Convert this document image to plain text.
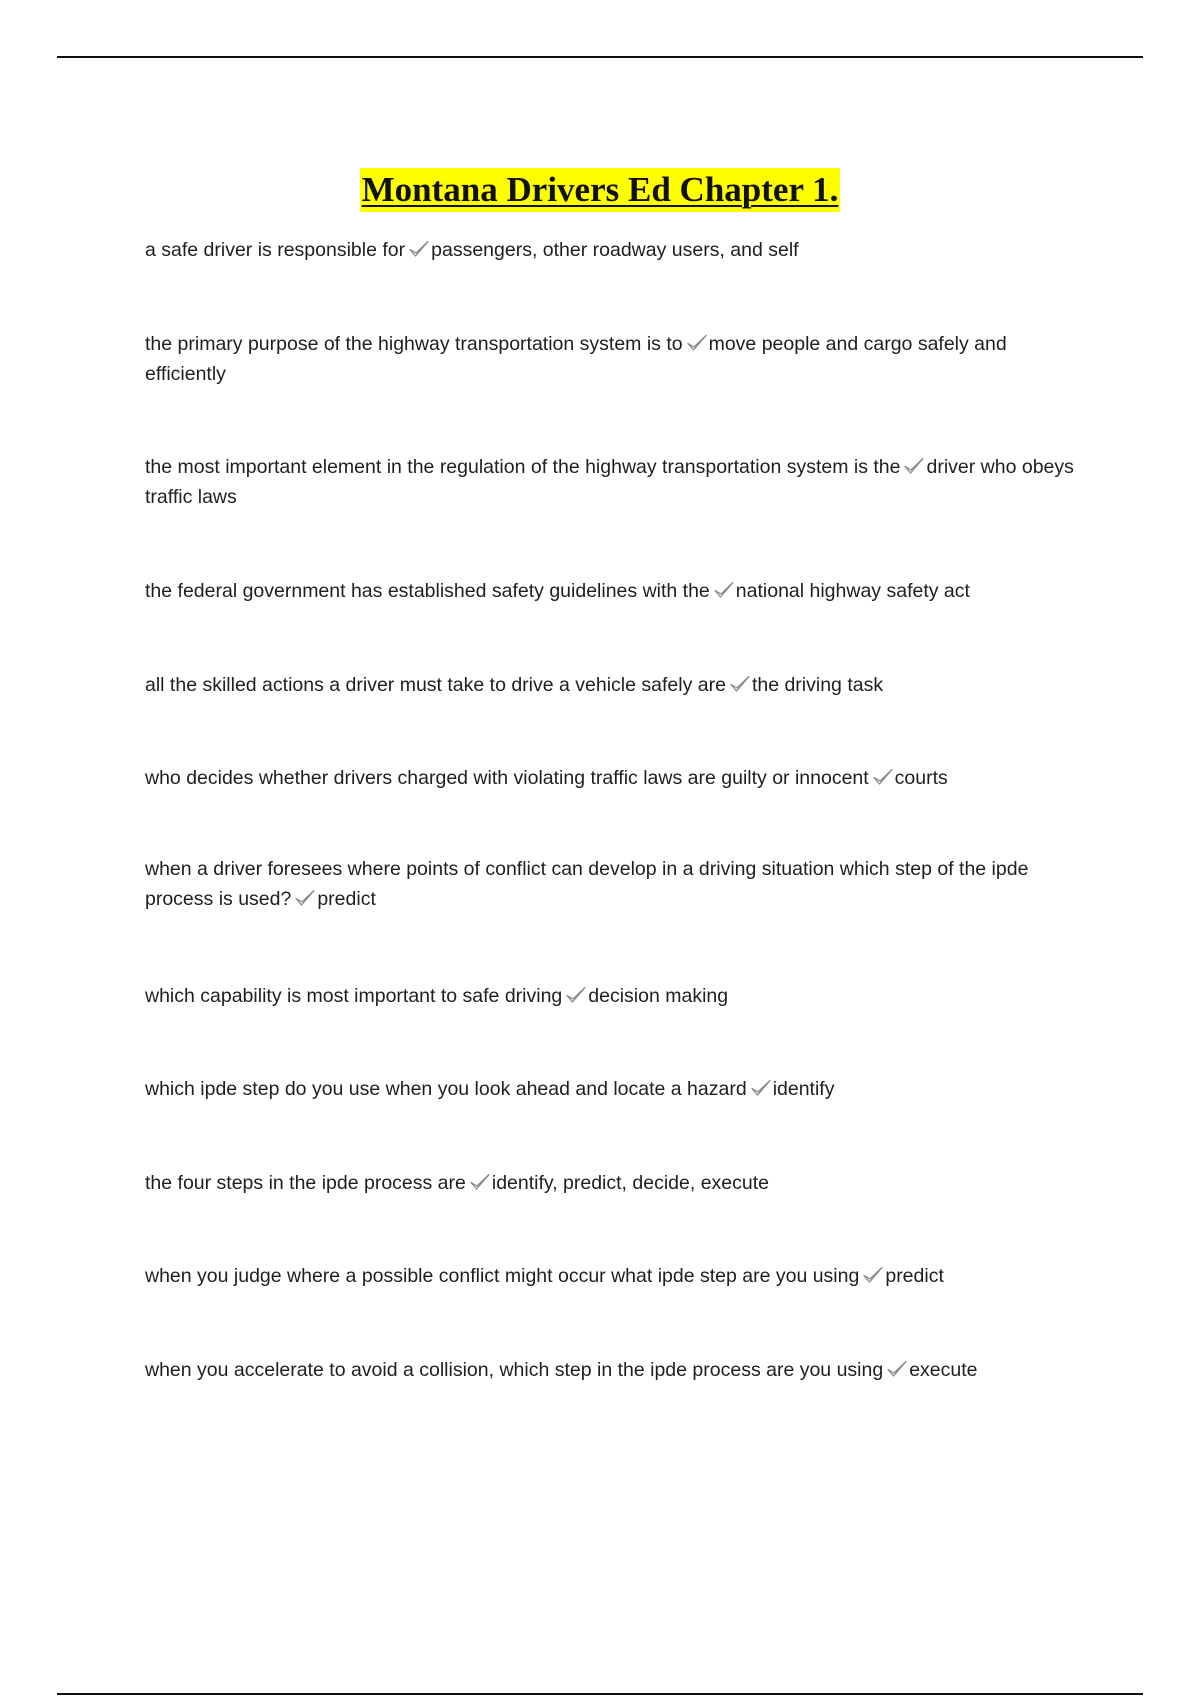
Montana Drivers Ed Chapter 1.
a safe driver is responsible for passengers, other roadway users, and self
the primary purpose of the highway transportation system is to move people and cargo safely and efficiently
the most important element in the regulation of the highway transportation system is the driver who obeys traffic laws
the federal government has established safety guidelines with the national highway safety act
all the skilled actions a driver must take to drive a vehicle safely are the driving task
who decides whether drivers charged with violating traffic laws are guilty or innocent courts
when a driver foresees where points of conflict can develop in a driving situation which step of the ipde process is used? predict
which capability is most important to safe driving decision making
which ipde step do you use when you look ahead and locate a hazard identify
the four steps in the ipde process are identify, predict, decide, execute
when you judge where a possible conflict might occur what ipde step are you using predict
when you accelerate to avoid a collision, which step in the ipde process are you using execute
